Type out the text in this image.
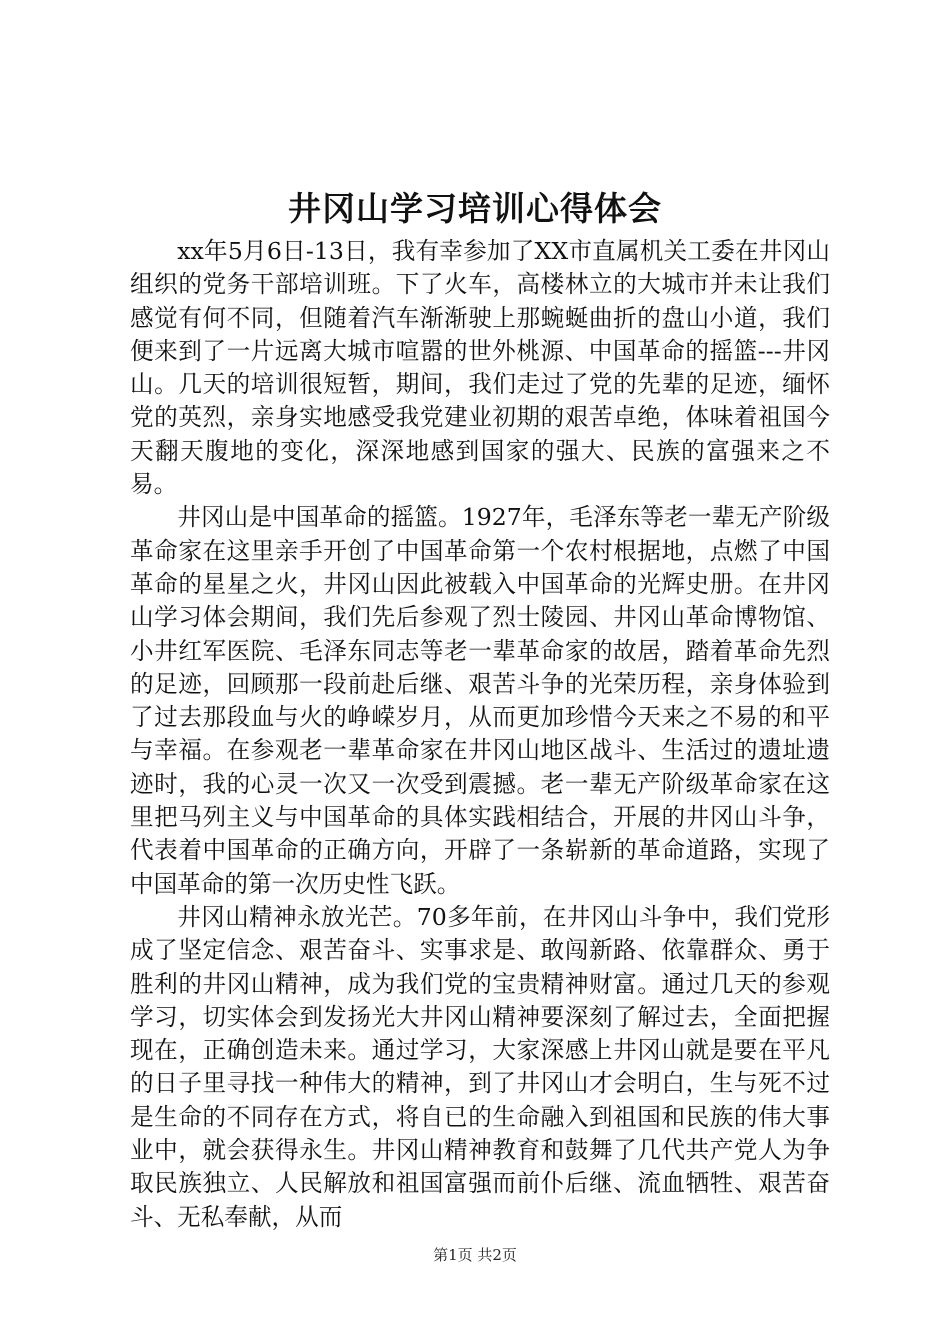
井冈山学习培训心得体会

xx年5月6日-13日，我有幸参加了XX市直属机关工委在井冈山组织的党务干部培训班。下了火车，高楼林立的大城市并未让我们感觉有何不同，但随着汽车渐渐驶上那蜿蜒曲折的盘山小道，我们便来到了一片远离大城市喧嚣的世外桃源、中国革命的摇篮---井冈山。几天的培训很短暂，期间，我们走过了党的先辈的足迹，缅怀党的英烈，亲身实地感受我党建业初期的艰苦卓绝，体味着祖国今天翻天腹地的变化，深深地感到国家的强大、民族的富强来之不易。

井冈山是中国革命的摇篮。1927年，毛泽东等老一辈无产阶级革命家在这里亲手开创了中国革命第一个农村根据地，点燃了中国革命的星星之火，井冈山因此被载入中国革命的光辉史册。在井冈山学习体会期间，我们先后参观了烈士陵园、井冈山革命博物馆、小井红军医院、毛泽东同志等老一辈革命家的故居，踏着革命先烈的足迹，回顾那一段前赴后继、艰苦斗争的光荣历程，亲身体验到了过去那段血与火的峥嵘岁月，从而更加珍惜今天来之不易的和平与幸福。在参观老一辈革命家在井冈山地区战斗、生活过的遗址遗迹时，我的心灵一次又一次受到震撼。老一辈无产阶级革命家在这里把马列主义与中国革命的具体实践相结合，开展的井冈山斗争，代表着中国革命的正确方向，开辟了一条崭新的革命道路，实现了中国革命的第一次历史性飞跃。

井冈山精神永放光芒。70多年前，在井冈山斗争中，我们党形成了坚定信念、艰苦奋斗、实事求是、敢闯新路、依靠群众、勇于胜利的井冈山精神，成为我们党的宝贵精神财富。通过几天的参观学习，切实体会到发扬光大井冈山精神要深刻了解过去，全面把握现在，正确创造未来。通过学习，大家深感上井冈山就是要在平凡的日子里寻找一种伟大的精神，到了井冈山才会明白，生与死不过是生命的不同存在方式，将自已的生命融入到祖国和民族的伟大事业中，就会获得永生。井冈山精神教育和鼓舞了几代共产党人为争取民族独立、人民解放和祖国富强而前仆后继、流血牺牲、艰苦奋斗、无私奉献，从而

第1页 共2页
